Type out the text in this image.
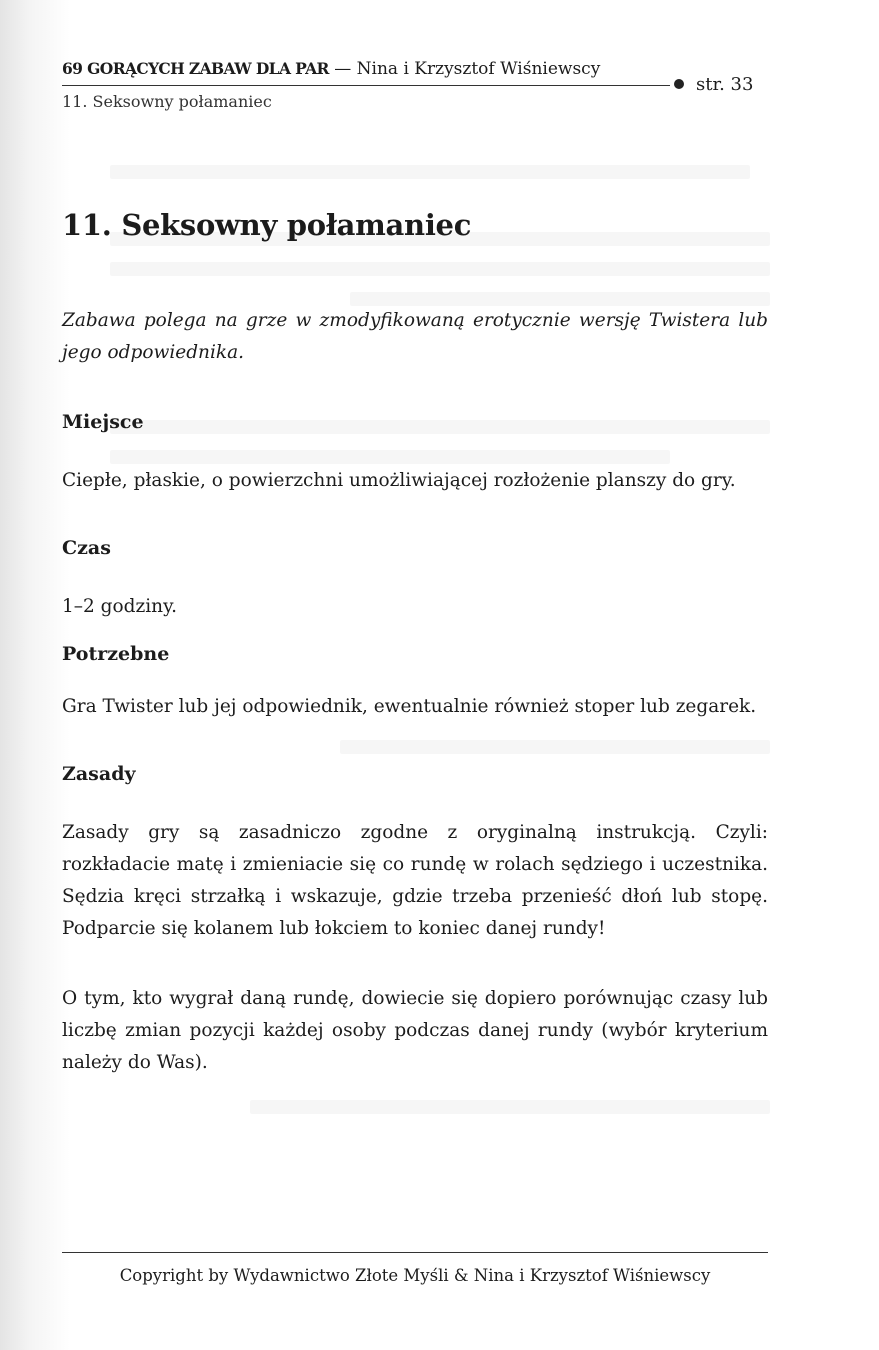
69 GORĄCYCH ZABAW DLA PAR — Nina i Krzysztof Wiśniewscy
str. 33
11. Seksowny połamaniec
11. Seksowny połamaniec

Zabawa polega na grze w zmodyfikowaną erotycznie wersję Twistera lub jego odpowiednika.

Miejsce

Ciepłe, płaskie, o powierzchni umożliwiającej rozłożenie planszy do gry.

Czas

1–2 godziny.

Potrzebne

Gra Twister lub jej odpowiednik, ewentualnie również stoper lub zegarek.

Zasady

Zasady gry są zasadniczo zgodne z oryginalną instrukcją. Czyli: rozkładacie matę i zmieniacie się co rundę w rolach sędziego i uczestnika. Sędzia kręci strzałką i wskazuje, gdzie trzeba przenieść dłoń lub stopę. Podparcie się kolanem lub łokciem to koniec danej rundy!

O tym, kto wygrał daną rundę, dowiecie się dopiero porównując czasy lub liczbę zmian pozycji każdej osoby podczas danej rundy (wybór kryterium należy do Was).

Copyright by Wydawnictwo Złote Myśli & Nina i Krzysztof Wiśniewscy
